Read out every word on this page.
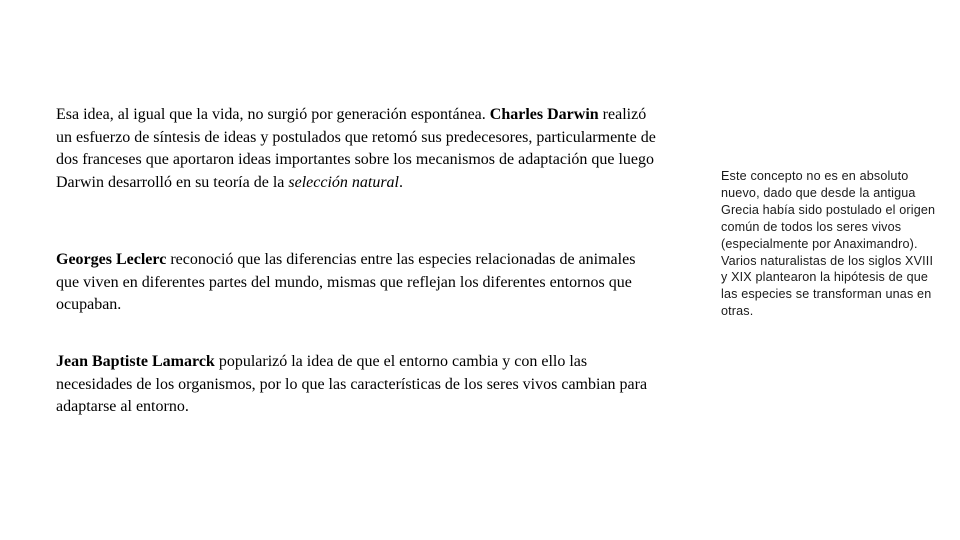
Esa idea, al igual que la vida, no surgió por generación espontánea. Charles Darwin realizó un esfuerzo de síntesis de ideas y postulados que retomó sus predecesores, particularmente de dos franceses que aportaron ideas importantes sobre los mecanismos de adaptación que luego Darwin desarrolló en su teoría de la selección natural.

Georges Leclerc reconoció que las diferencias entre las especies relacionadas de animales que viven en diferentes partes del mundo, mismas que reflejan los diferentes entornos que ocupaban.

Jean Baptiste Lamarck popularizó la idea de que el entorno cambia y con ello las necesidades de los organismos, por lo que las características de los seres vivos cambian para adaptarse al entorno.

Este concepto no es en absoluto nuevo, dado que desde la antigua Grecia había sido postulado el origen común de todos los seres vivos (especialmente por Anaximandro).

Varios naturalistas de los siglos XVIII y XIX plantearon la hipótesis de que las especies se transforman unas en otras.
